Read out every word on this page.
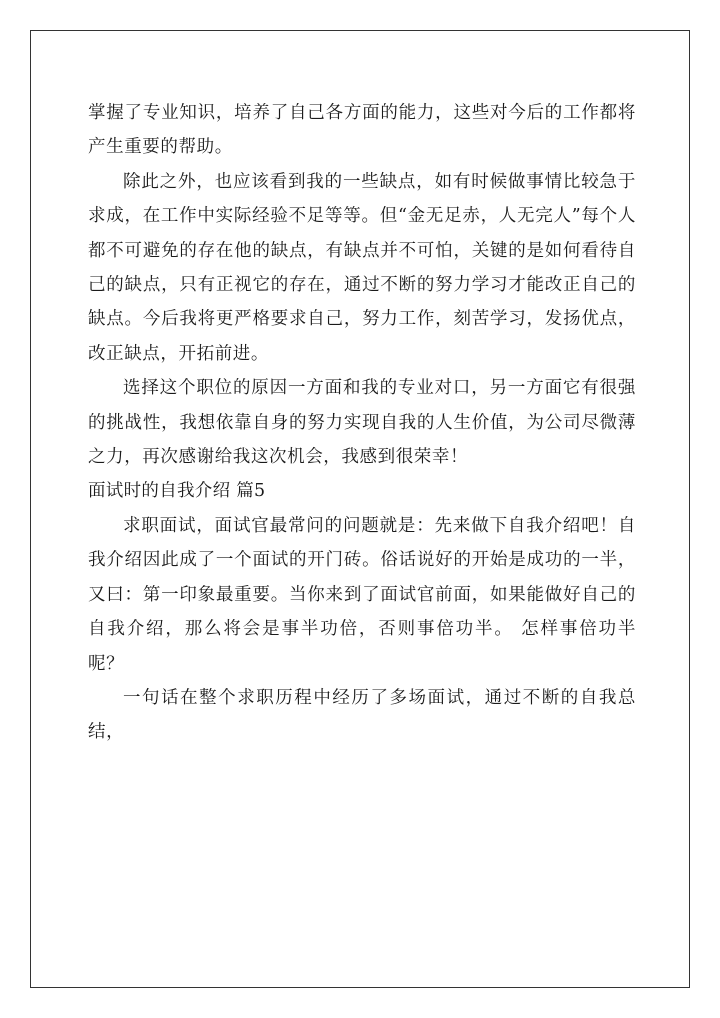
掌握了专业知识，培养了自己各方面的能力，这些对今后的工作都将产生重要的帮助。

除此之外，也应该看到我的一些缺点，如有时候做事情比较急于求成，在工作中实际经验不足等等。但“金无足赤，人无完人”每个人都不可避免的存在他的缺点，有缺点并不可怕，关键的是如何看待自己的缺点，只有正视它的存在，通过不断的努力学习才能改正自己的缺点。今后我将更严格要求自己，努力工作，刻苦学习，发扬优点，改正缺点，开拓前进。

选择这个职位的原因一方面和我的专业对口，另一方面它有很强的挑战性，我想依靠自身的努力实现自我的人生价值，为公司尽微薄之力，再次感谢给我这次机会，我感到很荣幸！

面试时的自我介绍 篇5

求职面试，面试官最常问的问题就是：先来做下自我介绍吧！自我介绍因此成了一个面试的开门砖。俗话说好的开始是成功的一半，又曰：第一印象最重要。当你来到了面试官前面，如果能做好自己的自我介绍，那么将会是事半功倍，否则事倍功半。 怎样事倍功半呢？

一句话在整个求职历程中经历了多场面试，通过不断的自我总结，
